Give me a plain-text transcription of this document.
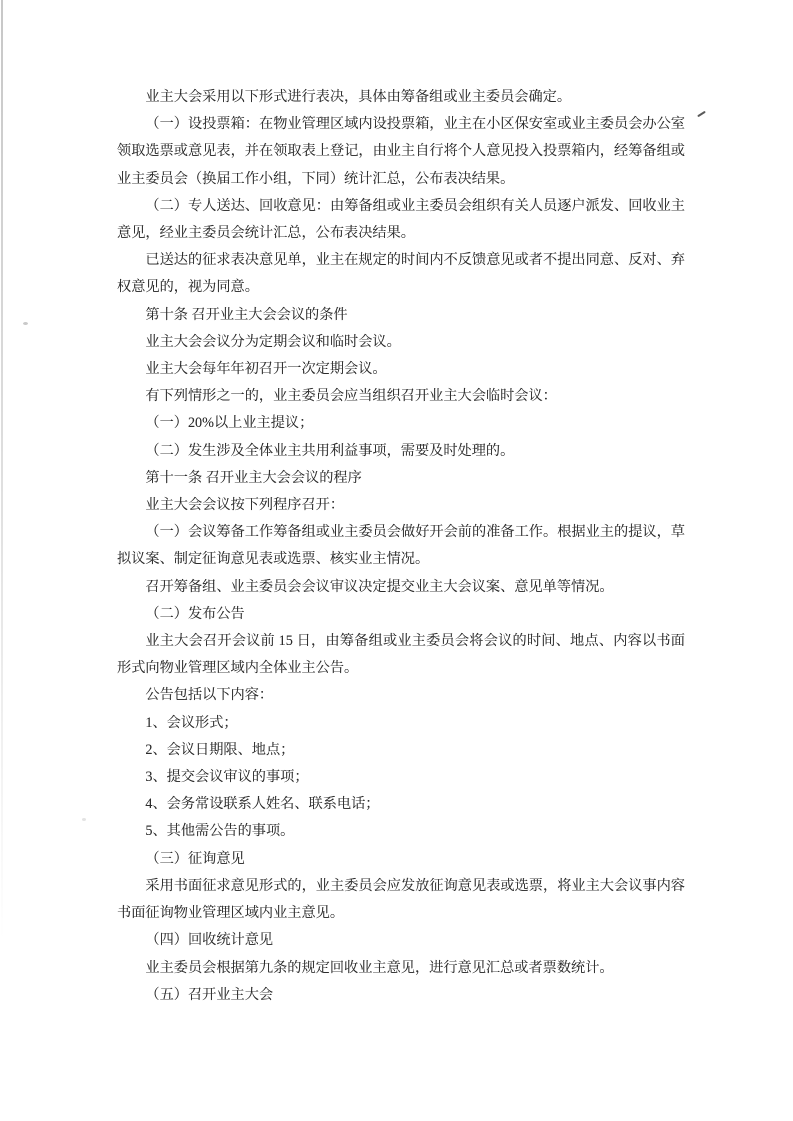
业主大会采用以下形式进行表决，具体由筹备组或业主委员会确定。

（一）设投票箱：在物业管理区域内设投票箱，业主在小区保安室或业主委员会办公室领取选票或意见表，并在领取表上登记，由业主自行将个人意见投入投票箱内，经筹备组或业主委员会（换届工作小组，下同）统计汇总，公布表决结果。

（二）专人送达、回收意见：由筹备组或业主委员会组织有关人员逐户派发、回收业主意见，经业主委员会统计汇总，公布表决结果。

已送达的征求表决意见单，业主在规定的时间内不反馈意见或者不提出同意、反对、弃权意见的，视为同意。

第十条 召开业主大会会议的条件

业主大会会议分为定期会议和临时会议。

业主大会每年年初召开一次定期会议。

有下列情形之一的，业主委员会应当组织召开业主大会临时会议：

（一）20%以上业主提议；

（二）发生涉及全体业主共用利益事项，需要及时处理的。

第十一条 召开业主大会会议的程序

业主大会会议按下列程序召开：

（一）会议筹备工作筹备组或业主委员会做好开会前的准备工作。根据业主的提议，草拟议案、制定征询意见表或选票、核实业主情况。

召开筹备组、业主委员会会议审议决定提交业主大会议案、意见单等情况。

（二）发布公告

业主大会召开会议前 15 日，由筹备组或业主委员会将会议的时间、地点、内容以书面形式向物业管理区域内全体业主公告。

公告包括以下内容：

1、会议形式；

2、会议日期限、地点；

3、提交会议审议的事项；

4、会务常设联系人姓名、联系电话；

5、其他需公告的事项。

（三）征询意见

采用书面征求意见形式的，业主委员会应发放征询意见表或选票，将业主大会议事内容书面征询物业管理区域内业主意见。

（四）回收统计意见

业主委员会根据第九条的规定回收业主意见，进行意见汇总或者票数统计。

（五）召开业主大会
